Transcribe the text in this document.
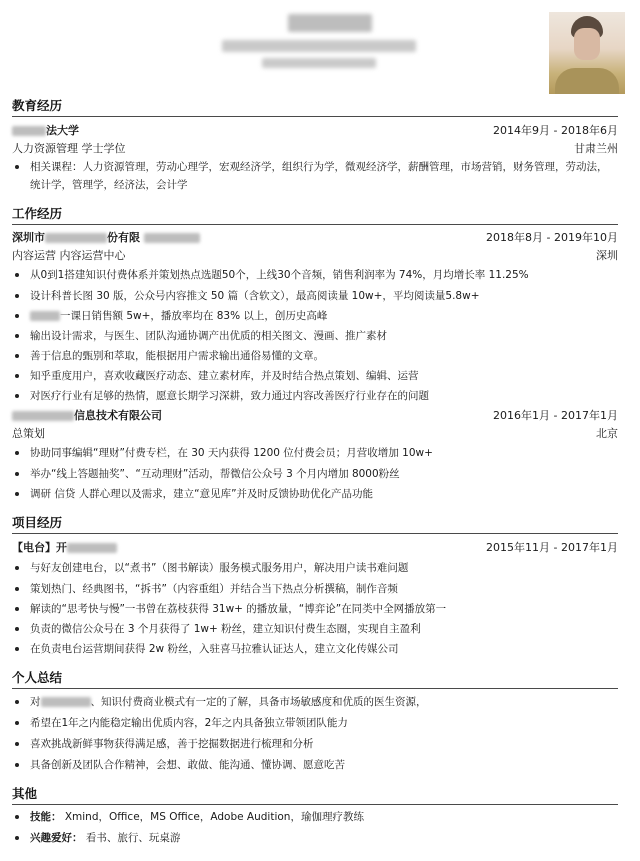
教育经历
法大学	2014年9月 - 2018年6月
人力资源管理 学士学位	甘肃兰州
相关课程：人力资源管理，劳动心理学，宏观经济学，组织行为学，微观经济学，薪酬管理，市场营销，财务管理，劳动法，
统计学，管理学，经济法，会计学
工作经历
深圳市	份有限	2018年8月 - 2019年10月
内容运营 内容运营中心	深圳
从0到1搭建知识付费体系并策划热点选题50个，上线30个音频，销售利润率为 74%，月均增长率 11.25%
设计科普长图 30 版，公众号内容推文 50 篇（含软文），最高阅读量 10w+，平均阅读量5.8w+
一课日销售额 5w+，播放率均在 83% 以上，创历史高峰
输出设计需求，与医生、团队沟通协调产出优质的相关图文、漫画、推广素材
善于信息的甄别和萃取，能根据用户需求输出通俗易懂的文章。
知乎重度用户，喜欢收藏医疗动态、建立素材库，并及时结合热点策划、编辑、运营
对医疗行业有足够的热情，愿意长期学习深耕，致力通过内容改善医疗行业存在的问题
信息技术有限公司	2016年1月 - 2017年1月
总策划	北京
协助同事编辑“理财”付费专栏，在 30 天内获得 1200 位付费会员；月营收增加 10w+
举办“线上答题抽奖”、“互动理财”活动，帮微信公众号 3 个月内增加 8000粉丝
调研 信贷 人群心理以及需求，建立“意见库”并及时反馈协助优化产品功能
项目经历
【电台】开	2015年11月 - 2017年1月
与好友创建电台，以“煮书”（图书解读）服务模式服务用户，解决用户读书难问题
策划热门、经典图书，“拆书”（内容重组）并结合当下热点分析撰稿，制作音频
解读的“思考快与慢”一书曾在荔枝获得 31w+ 的播放量，“博弈论”在同类中全网播放第一
负责的微信公众号在 3 个月获得了 1w+ 粉丝，建立知识付费生态圈，实现自主盈利
在负责电台运营期间获得 2w 粉丝，入驻喜马拉雅认证达人，建立文化传媒公司
个人总结
对	、知识付费商业模式有一定的了解，具备市场敏感度和优质的医生资源，
希望在1年之内能稳定输出优质内容，2年之内具备独立带领团队能力
喜欢挑战新鲜事物获得满足感，善于挖掘数据进行梳理和分析
具备创新及团队合作精神，会想、敢做、能沟通、懂协调、愿意吃苦
其他
技能： Xmind，Office，MS Office，Adobe Audition，瑜伽理疗教练
兴趣爱好： 看书、旅行、玩桌游
